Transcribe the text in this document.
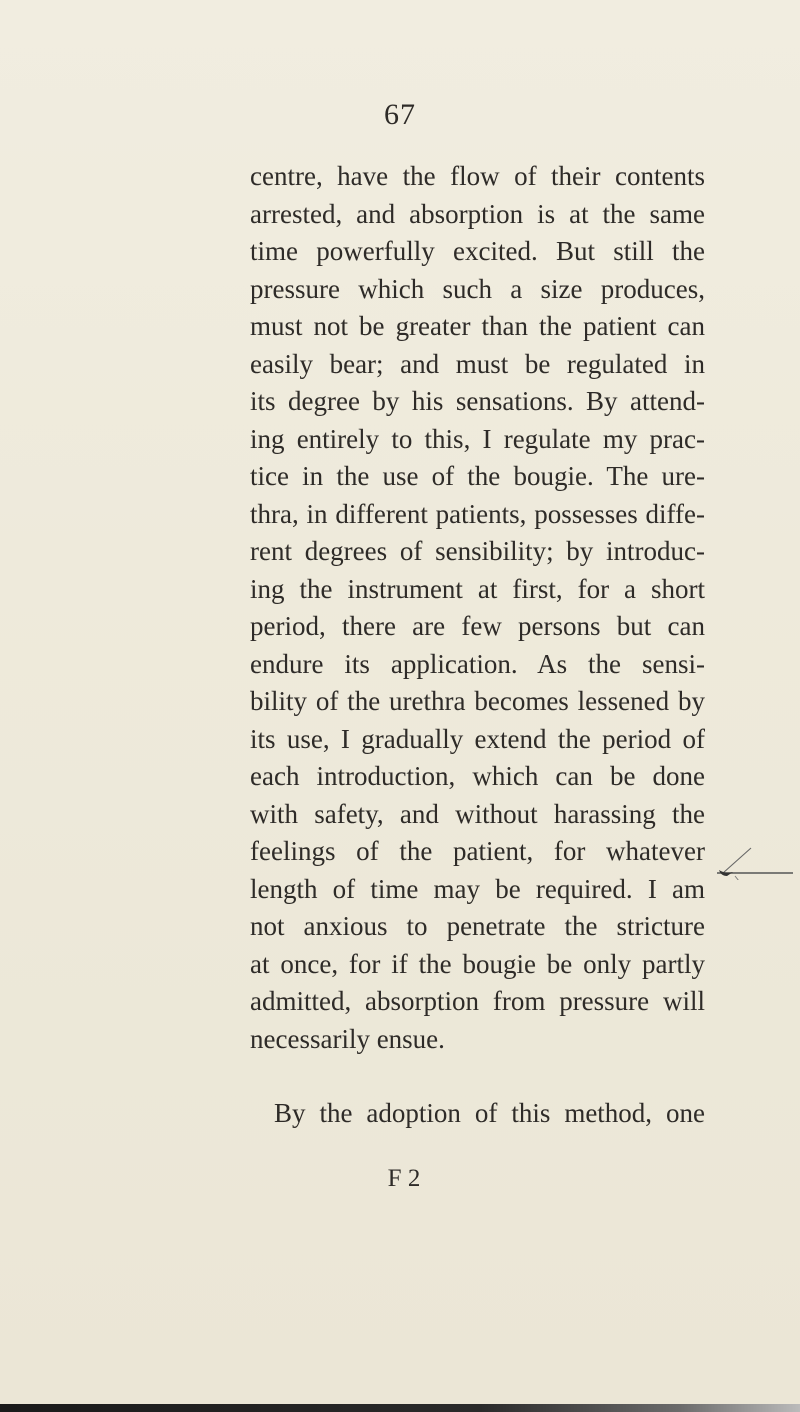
67
centre, have the flow of their contents
arrested, and absorption is at the same
time powerfully excited. But still the
pressure which such a size produces,
must not be greater than the patient can
easily bear; and must be regulated in
its degree by his sensations. By attend-
ing entirely to this, I regulate my prac-
tice in the use of the bougie. The ure-
thra, in different patients, possesses diffe-
rent degrees of sensibility; by introduc-
ing the instrument at first, for a short
period, there are few persons but can
endure its application. As the sensi-
bility of the urethra becomes lessened by
its use, I gradually extend the period of
each introduction, which can be done
with safety, and without harassing the
feelings of the patient, for whatever
length of time may be required. I am
not anxious to penetrate the stricture
at once, for if the bougie be only partly
admitted, absorption from pressure will
necessarily ensue.
By the adoption of this method, one
F 2
